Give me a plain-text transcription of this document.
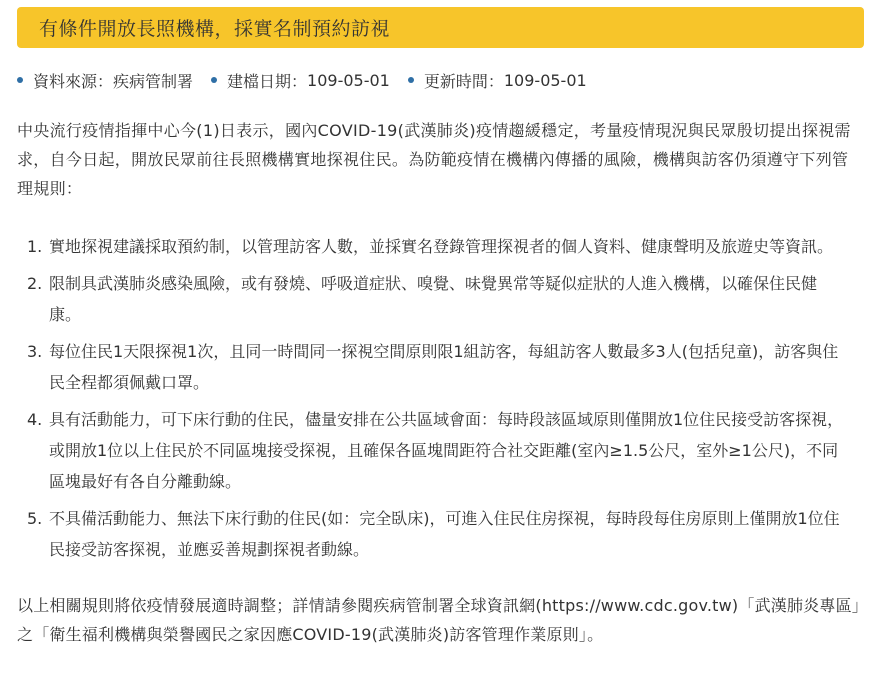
有條件開放長照機構，採實名制預約訪視
資料來源： 疾病管制署 建檔日期： 109-05-01 更新時間： 109-05-01

中央流行疫情指揮中心今(1)日表示，國內COVID-19(武漢肺炎)疫情趨緩穩定，考量疫情現況與民眾殷切提出探視需求，自今日起，開放民眾前往長照機構實地探視住民。為防範疫情在機構內傳播的風險，機構與訪客仍須遵守下列管理規則：

1. 實地探視建議採取預約制，以管理訪客人數，並採實名登錄管理探視者的個人資料、健康聲明及旅遊史等資訊。
2. 限制具武漢肺炎感染風險，或有發燒、呼吸道症狀、嗅覺、味覺異常等疑似症狀的人進入機構，以確保住民健康。
3. 每位住民1天限探視1次，且同一時間同一探視空間原則限1組訪客，每組訪客人數最多3人(包括兒童)，訪客與住民全程都須佩戴口罩。
4. 具有活動能力，可下床行動的住民，儘量安排在公共區域會面：每時段該區域原則僅開放1位住民接受訪客探視，或開放1位以上住民於不同區塊接受探視，且確保各區塊間距符合社交距離(室內≥1.5公尺，室外≥1公尺)，不同區塊最好有各自分離動線。
5. 不具備活動能力、無法下床行動的住民(如：完全臥床)，可進入住民住房探視，每時段每住房原則上僅開放1位住民接受訪客探視，並應妥善規劃探視者動線。

以上相關規則將依疫情發展適時調整；詳情請參閱疾病管制署全球資訊網(https://www.cdc.gov.tw)「武漢肺炎專區」之「衛生福利機構與榮譽國民之家因應COVID-19(武漢肺炎)訪客管理作業原則」。
